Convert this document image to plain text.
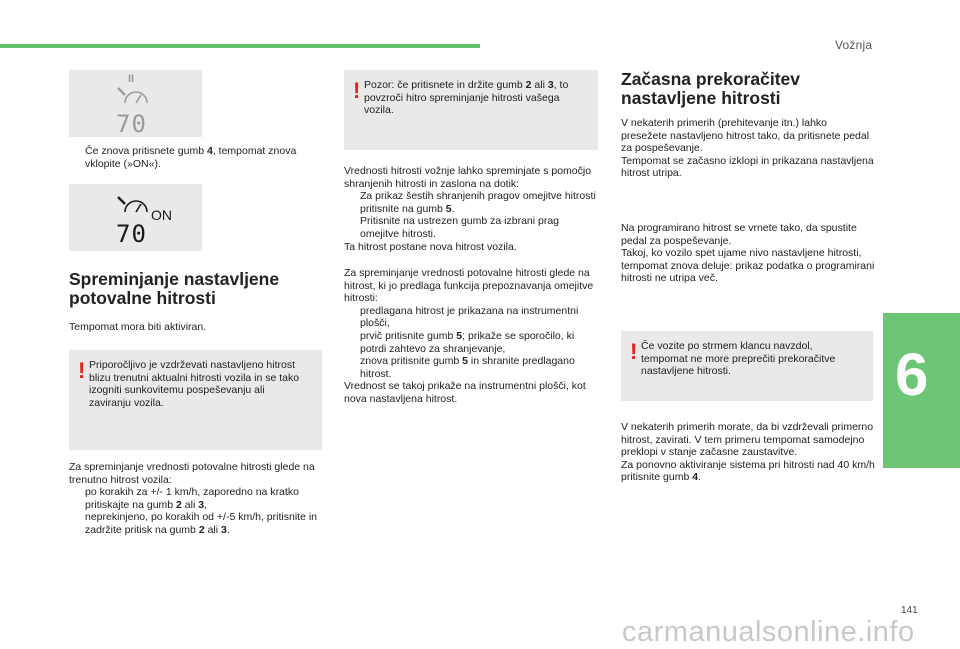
Vožnja
6
II
70
ON
70
Če znova pritisnete gumb 4, tempomat znova vklopite (»ON«).
Spreminjanje nastavljene potovalne hitrosti
Tempomat mora biti aktiviran.
! Priporočljivo je vzdrževati nastavljeno hitrost blizu trenutni aktualni hitrosti vozila in se tako izogniti sunkovitemu pospeševanju ali zaviranju vozila.
Za spreminjanje vrednosti potovalne hitrosti glede na trenutno hitrost vozila:
po korakih za +/- 1 km/h, zaporedno na kratko pritiskajte na gumb 2 ali 3,
neprekinjeno, po korakih od +/-5 km/h, pritisnite in zadržite pritisk na gumb 2 ali 3.
! Pozor: če pritisnete in držite gumb 2 ali 3, to povzroči hitro spreminjanje hitrosti vašega vozila.
Vrednosti hitrosti vožnje lahko spreminjate s pomočjo shranjenih hitrosti in zaslona na dotik:
Za prikaz šestih shranjenih pragov omejitve hitrosti pritisnite na gumb 5.
Pritisnite na ustrezen gumb za izbrani prag omejitve hitrosti.
Ta hitrost postane nova hitrost vozila.
Za spreminjanje vrednosti potovalne hitrosti glede na hitrost, ki jo predlaga funkcija prepoznavanja omejitve hitrosti:
predlagana hitrost je prikazana na instrumentni plošči,
prvič pritisnite gumb 5; prikaže se sporočilo, ki potrdi zahtevo za shranjevanje,
znova pritisnite gumb 5 in shranite predlagano hitrost.
Vrednost se takoj prikaže na instrumentni plošči, kot nova nastavljena hitrost.
Začasna prekoračitev nastavljene hitrosti
V nekaterih primerih (prehitevanje itn.) lahko presežete nastavljeno hitrost tako, da pritisnete pedal za pospeševanje.
Tempomat se začasno izklopi in prikazana nastavljena hitrost utripa.
Na programirano hitrost se vrnete tako, da spustite pedal za pospeševanje.
Takoj, ko vozilo spet ujame nivo nastavljene hitrosti, tempomat znova deluje: prikaz podatka o programirani hitrosti ne utripa več.
! Če vozite po strmem klancu navzdol, tempomat ne more preprečiti prekoračitve nastavljene hitrosti.
V nekaterih primerih morate, da bi vzdrževali primerno hitrost, zavirati. V tem primeru tempomat samodejno preklopi v stanje začasne zaustavitve.
Za ponovno aktiviranje sistema pri hitrosti nad 40 km/h pritisnite gumb 4.
141
carmanualsonline.info
